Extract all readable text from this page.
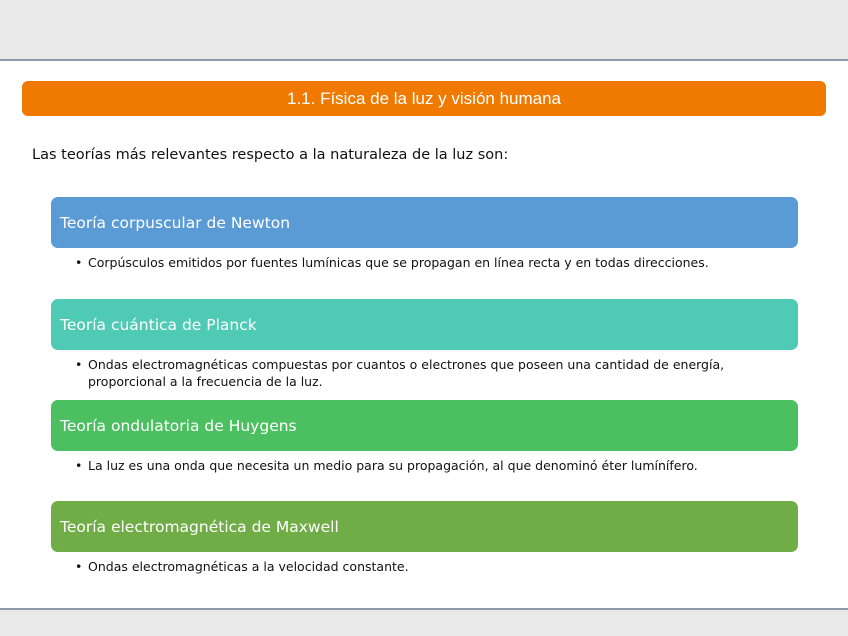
1.1. Física de la luz y visión humana
Las teorías más relevantes respecto a la naturaleza de la luz son:
Teoría corpuscular de Newton
• Corpúsculos emitidos por fuentes lumínicas que se propagan en línea recta y en todas direcciones.
Teoría cuántica de Planck
• Ondas electromagnéticas compuestas por cuantos o electrones que poseen una cantidad de energía, proporcional a la frecuencia de la luz.
Teoría ondulatoria de Huygens
• La luz es una onda que necesita un medio para su propagación, al que denominó éter lumínífero.
Teoría electromagnética de Maxwell
• Ondas electromagnéticas a la velocidad constante.
